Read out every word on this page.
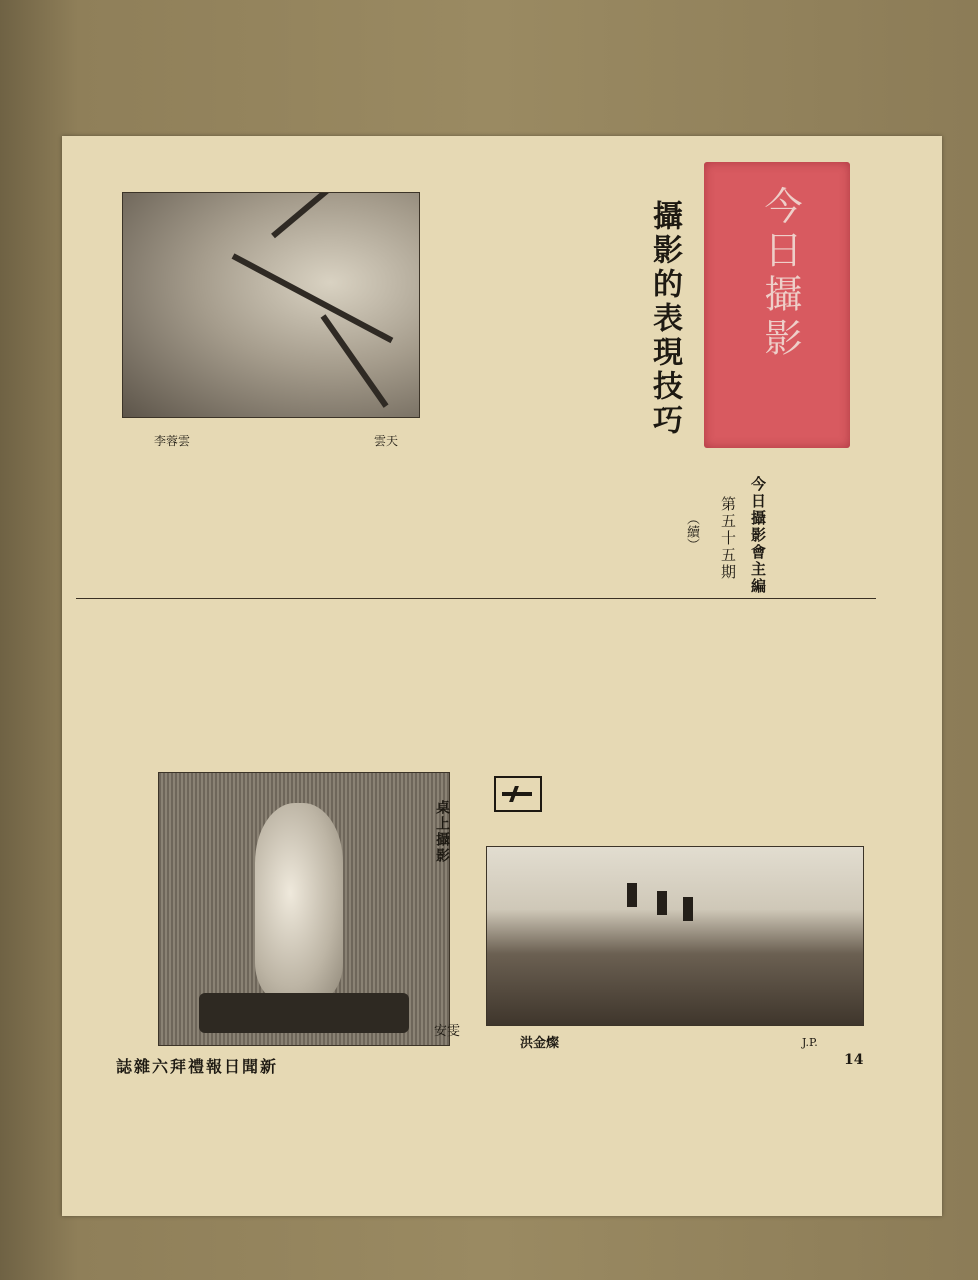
今日攝影
攝影的表現技巧
今日攝影會主編
第五十五期
（續）
雲天
李蓉雲
桌上攝影
安雯
洪金燦	J.P.
新聞日報禮拜六雜誌	14
